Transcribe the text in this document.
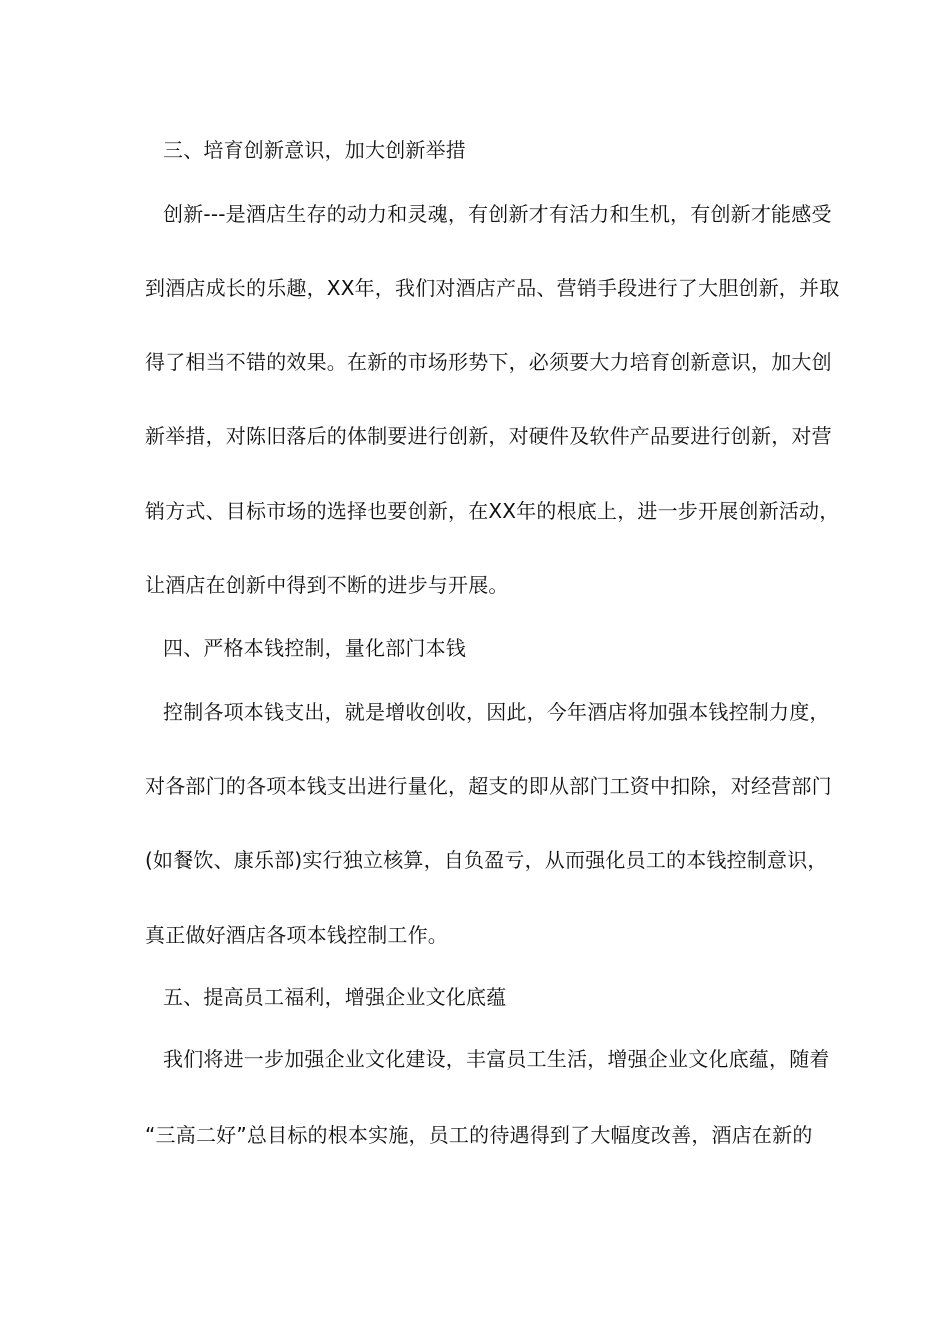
三、培育创新意识，加大创新举措
创新---是酒店生存的动力和灵魂，有创新才有活力和生机，有创新才能感受
到酒店成长的乐趣，XX年，我们对酒店产品、营销手段进行了大胆创新，并取
得了相当不错的效果。在新的市场形势下，必须要大力培育创新意识，加大创
新举措，对陈旧落后的体制要进行创新，对硬件及软件产品要进行创新，对营
销方式、目标市场的选择也要创新，在XX年的根底上，进一步开展创新活动，
让酒店在创新中得到不断的进步与开展。
四、严格本钱控制，量化部门本钱
控制各项本钱支出，就是增收创收，因此，今年酒店将加强本钱控制力度，
对各部门的各项本钱支出进行量化，超支的即从部门工资中扣除，对经营部门
(如餐饮、康乐部)实行独立核算，自负盈亏，从而强化员工的本钱控制意识，
真正做好酒店各项本钱控制工作。
五、提高员工福利，增强企业文化底蕴
我们将进一步加强企业文化建设，丰富员工生活，增强企业文化底蕴，随着
“三高二好”总目标的根本实施，员工的待遇得到了大幅度改善，酒店在新的
